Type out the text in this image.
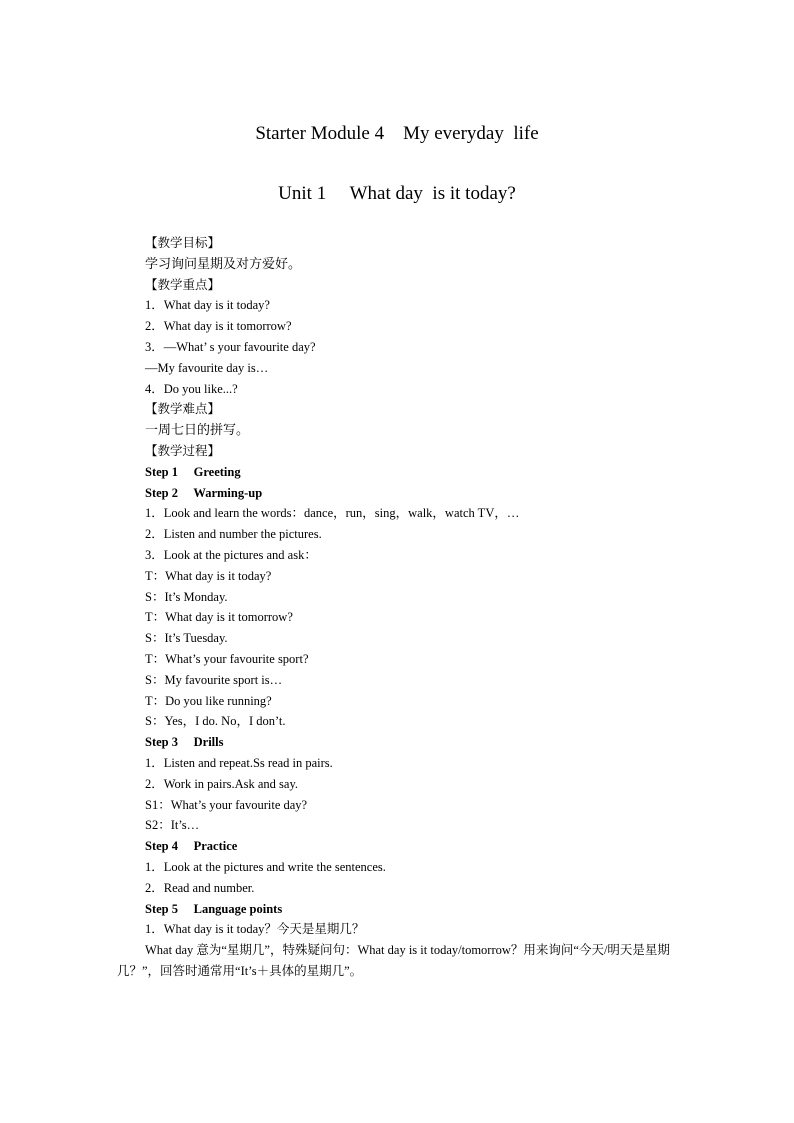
Starter Module 4    My everyday  life
Unit 1     What day  is it today?
【教学目标】
学习询问星期及对方爱好。
【教学重点】
1．What day is it today?
2．What day is it tomorrow?
3．—What’ s your favourite day?
—My favourite day is…
4．Do you like...?
【教学难点】
一周七日的拼写。
【教学过程】
Step 1     Greeting
Step 2     Warming-up
1．Look and learn the words：dance，run，sing，walk，watch TV，…
2．Listen and number the pictures.
3．Look at the pictures and ask：
T：What day is it today?
S：It’s Monday.
T：What day is it tomorrow?
S：It’s Tuesday.
T：What’s your favourite sport?
S：My favourite sport is…
T：Do you like running?
S：Yes，I do. No，I don’t.
Step 3     Drills
1．Listen and repeat.Ss read in pairs.
2．Work in pairs.Ask and say.
S1：What’s your favourite day?
S2：It’s…
Step 4     Practice
1．Look at the pictures and write the sentences.
2．Read and number.
Step 5     Language points
1．What day is it today？今天是星期几？
What day 意为“星期几”，特殊疑问句：What day is it today/tomorrow？用来询问“今天/明天是星期几？”，回答时通常用“It’s＋具体的星期几”。
